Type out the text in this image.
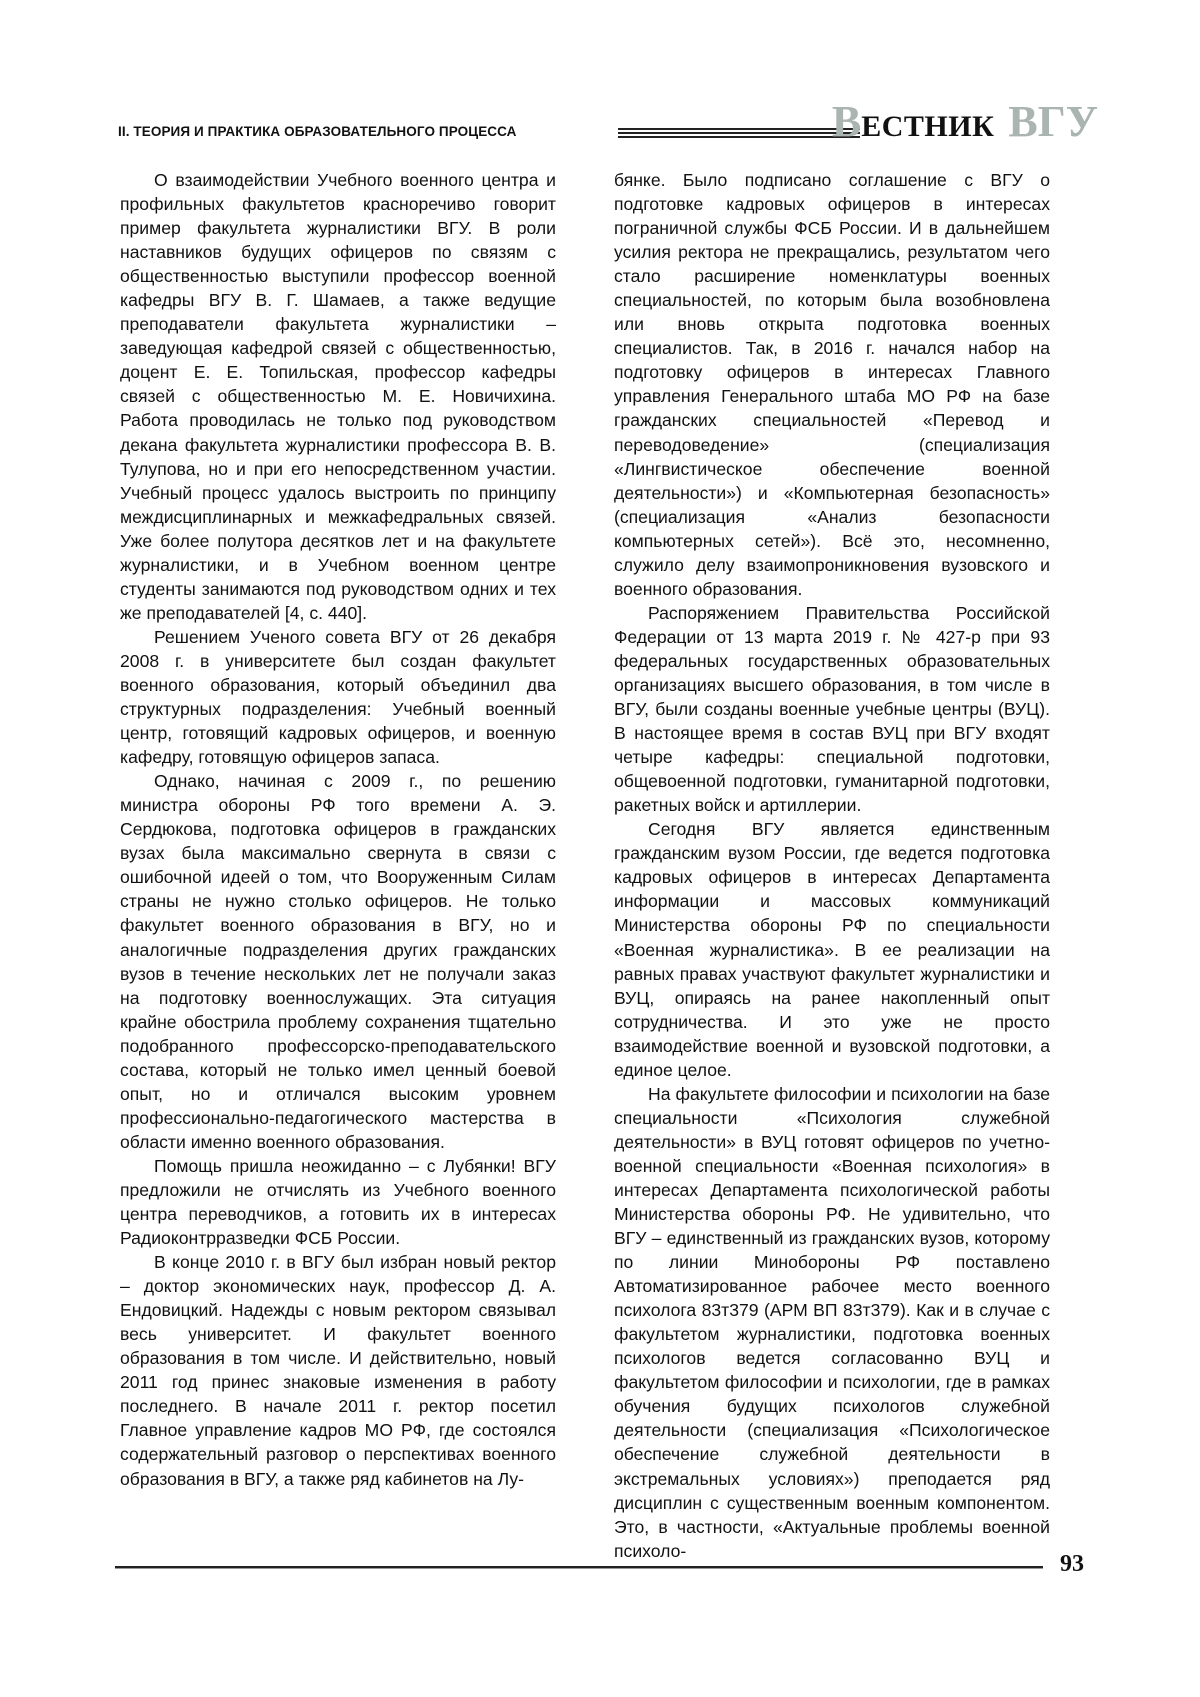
II. ТЕОРИЯ И ПРАКТИКА ОБРАЗОВАТЕЛЬНОГО ПРОЦЕССА	ВЕСТНИК ВГУ

О взаимодействии Учебного военного центра и профильных факультетов красноречиво говорит пример факультета журналистики ВГУ. В роли наставников будущих офицеров по связям с общественностью выступили профессор военной кафедры ВГУ В. Г. Шамаев, а также ведущие преподаватели факультета журналистики – заведующая кафедрой связей с общественностью, доцент Е. Е. Топильская, профессор кафедры связей с общественностью М. Е. Новичихина. Работа проводилась не только под руководством декана факультета журналистики профессора В. В. Тулупова, но и при его непосредственном участии. Учебный процесс удалось выстроить по принципу междисциплинарных и межкафедральных связей. Уже более полутора десятков лет и на факультете журналистики, и в Учебном военном центре студенты занимаются под руководством одних и тех же преподавателей [4, с. 440].

Решением Ученого совета ВГУ от 26 декабря 2008 г. в университете был создан факультет военного образования, который объединил два структурных подразделения: Учебный военный центр, готовящий кадровых офицеров, и военную кафедру, готовящую офицеров запаса.

Однако, начиная с 2009 г., по решению министра обороны РФ того времени А. Э. Сердюкова, подготовка офицеров в гражданских вузах была максимально свернута в связи с ошибочной идеей о том, что Вооруженным Силам страны не нужно столько офицеров. Не только факультет военного образования в ВГУ, но и аналогичные подразделения других гражданских вузов в течение нескольких лет не получали заказ на подготовку военнослужащих. Эта ситуация крайне обострила проблему сохранения тщательно подобранного профессорско-преподавательского состава, который не только имел ценный боевой опыт, но и отличался высоким уровнем профессионально-педагогического мастерства в области именно военного образования.

Помощь пришла неожиданно – с Лубянки! ВГУ предложили не отчислять из Учебного военного центра переводчиков, а готовить их в интересах Радиоконтрразведки ФСБ России.

В конце 2010 г. в ВГУ был избран новый ректор – доктор экономических наук, профессор Д. А. Ендовицкий. Надежды с новым ректором связывал весь университет. И факультет военного образования в том числе. И действительно, новый 2011 год принес знаковые изменения в работу последнего. В начале 2011 г. ректор посетил Главное управление кадров МО РФ, где состоялся содержательный разговор о перспективах военного образования в ВГУ, а также ряд кабинетов на Лу-

бянке. Было подписано соглашение с ВГУ о подготовке кадровых офицеров в интересах пограничной службы ФСБ России. И в дальнейшем усилия ректора не прекращались, результатом чего стало расширение номенклатуры военных специальностей, по которым была возобновлена или вновь открыта подготовка военных специалистов. Так, в 2016 г. начался набор на подготовку офицеров в интересах Главного управления Генерального штаба МО РФ на базе гражданских специальностей «Перевод и переводоведение» (специализация «Лингвистическое обеспечение военной деятельности») и «Компьютерная безопасность» (специализация «Анализ безопасности компьютерных сетей»). Всё это, несомненно, служило делу взаимопроникновения вузовского и военного образования.

Распоряжением Правительства Российской Федерации от 13 марта 2019 г. № 427-р при 93 федеральных государственных образовательных организациях высшего образования, в том числе в ВГУ, были созданы военные учебные центры (ВУЦ). В настоящее время в состав ВУЦ при ВГУ входят четыре кафедры: специальной подготовки, общевоенной подготовки, гуманитарной подготовки, ракетных войск и артиллерии.

Сегодня ВГУ является единственным гражданским вузом России, где ведется подготовка кадровых офицеров в интересах Департамента информации и массовых коммуникаций Министерства обороны РФ по специальности «Военная журналистика». В ее реализации на равных правах участвуют факультет журналистики и ВУЦ, опираясь на ранее накопленный опыт сотрудничества. И это уже не просто взаимодействие военной и вузовской подготовки, а единое целое.

На факультете философии и психологии на базе специальности «Психология служебной деятельности» в ВУЦ готовят офицеров по учетно-военной специальности «Военная психология» в интересах Департамента психологической работы Министерства обороны РФ. Не удивительно, что ВГУ – единственный из гражданских вузов, которому по линии Минобороны РФ поставлено Автоматизированное рабочее место военного психолога 83т379 (АРМ ВП 83т379). Как и в случае с факультетом журналистики, подготовка военных психологов ведется согласованно ВУЦ и факультетом философии и психологии, где в рамках обучения будущих психологов служебной деятельности (специализация «Психологическое обеспечение служебной деятельности в экстремальных условиях») преподается ряд дисциплин с существенным военным компонентом. Это, в частности, «Актуальные проблемы военной психоло-

93
